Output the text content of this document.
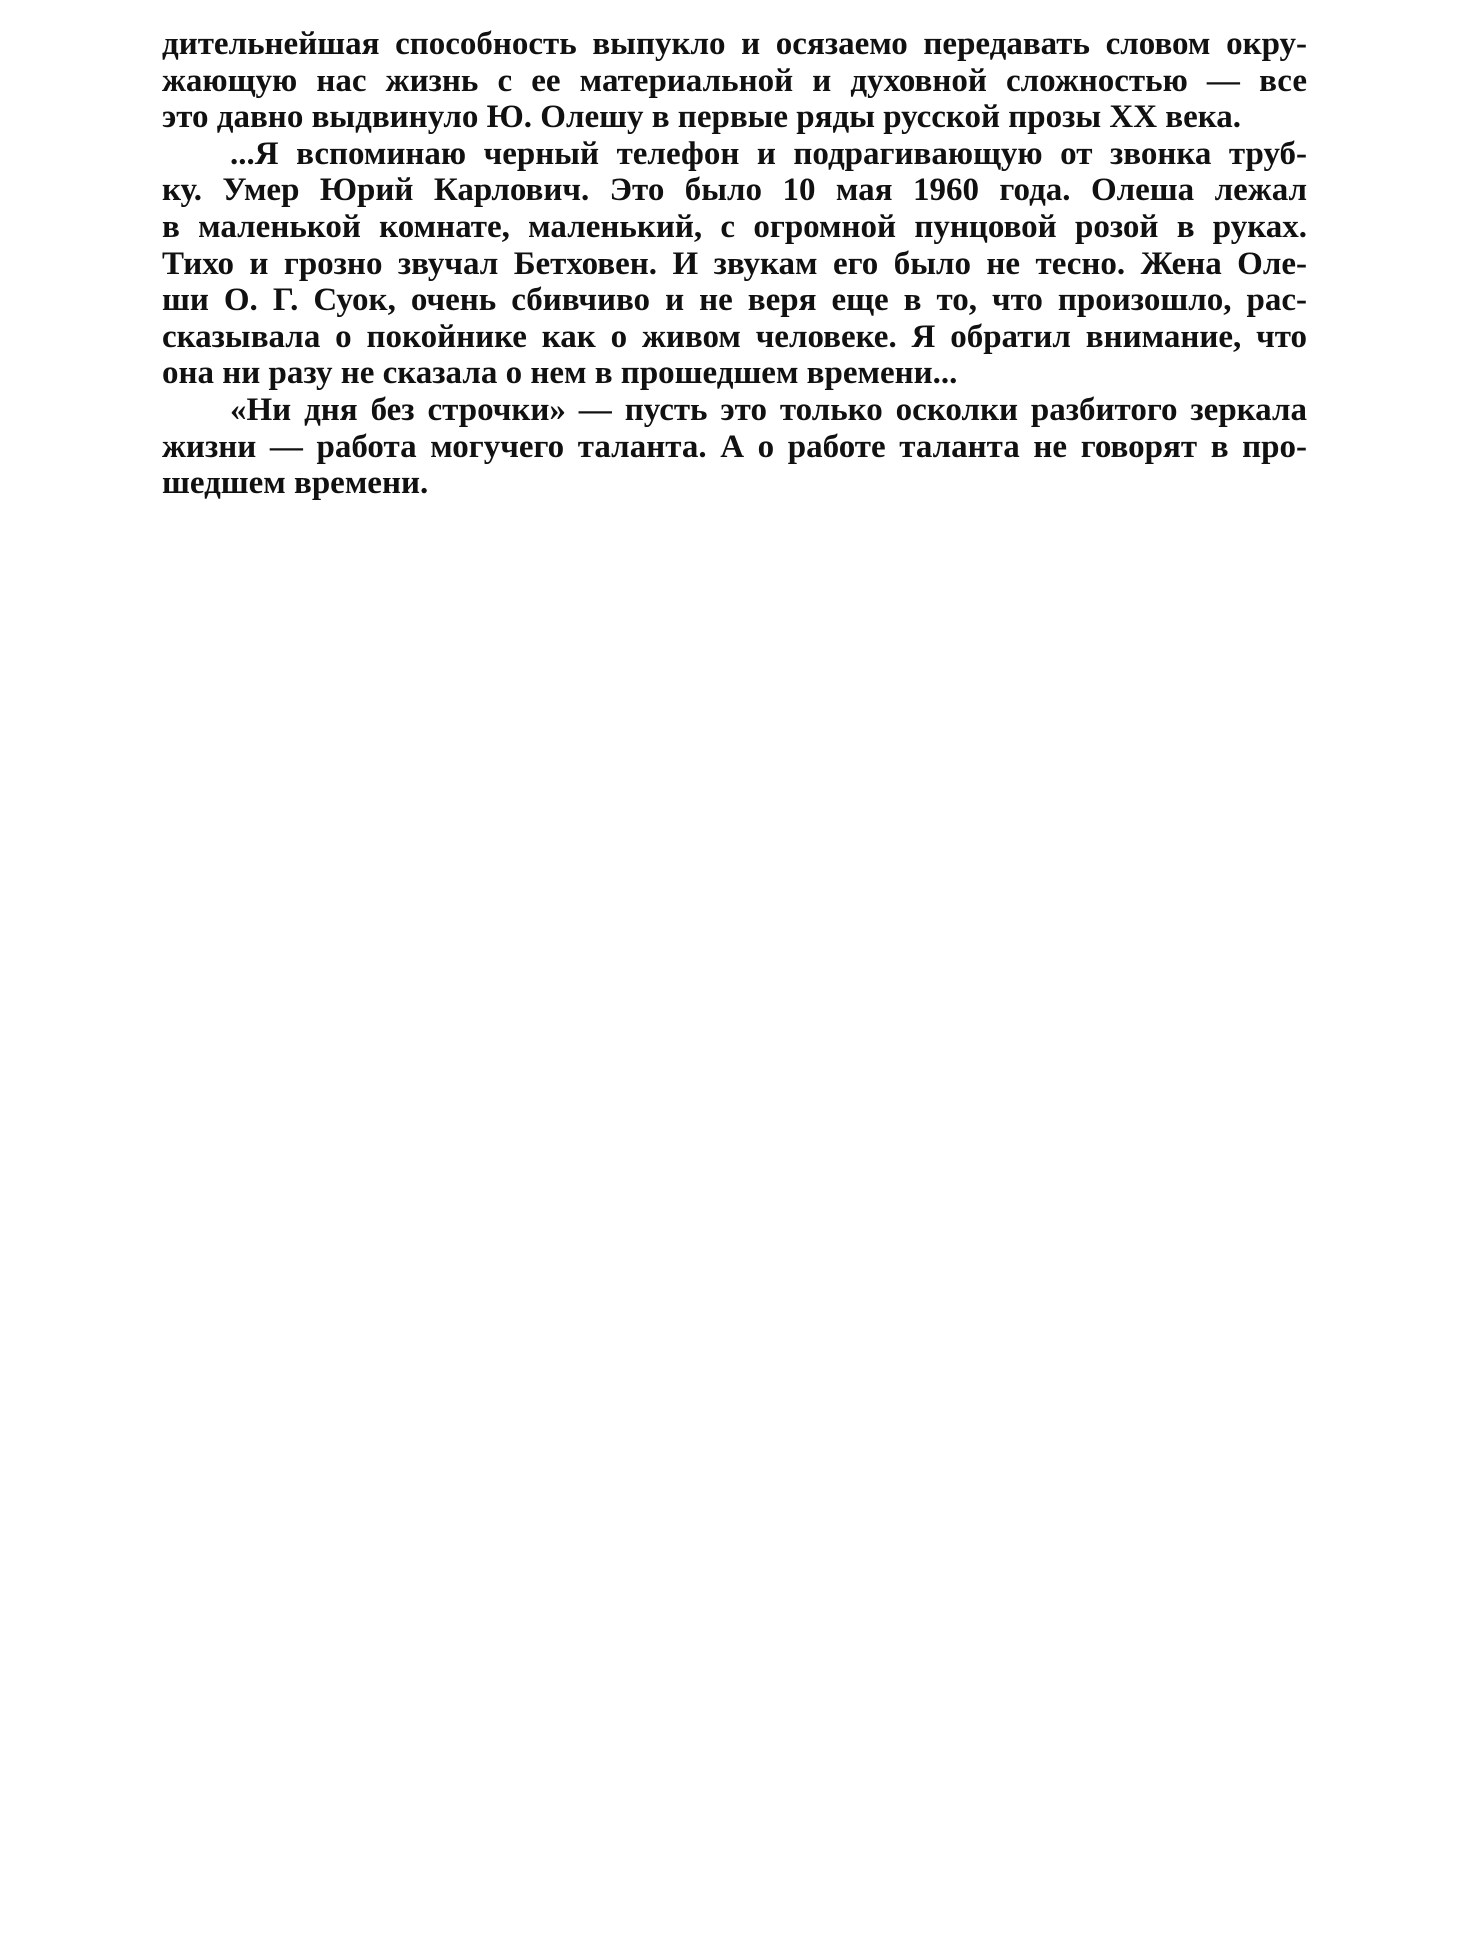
дительнейшая способность выпукло и осязаемо передавать словом окру-
жающую нас жизнь с ее материальной и духовной сложностью — все
это давно выдвинуло Ю. Олешу в первые ряды русской прозы XX века.

...Я вспоминаю черный телефон и подрагивающую от звонка труб-
ку. Умер Юрий Карлович. Это было 10 мая 1960 года. Олеша лежал
в маленькой комнате, маленький, с огромной пунцовой розой в руках.
Тихо и грозно звучал Бетховен. И звукам его было не тесно. Жена Оле-
ши О. Г. Суок, очень сбивчиво и не веря еще в то, что произошло, рас-
сказывала о покойнике как о живом человеке. Я обратил внимание, что
она ни разу не сказала о нем в прошедшем времени...

«Ни дня без строчки» — пусть это только осколки разбитого зеркала
жизни — работа могучего таланта. А о работе таланта не говорят в про-
шедшем времени.
